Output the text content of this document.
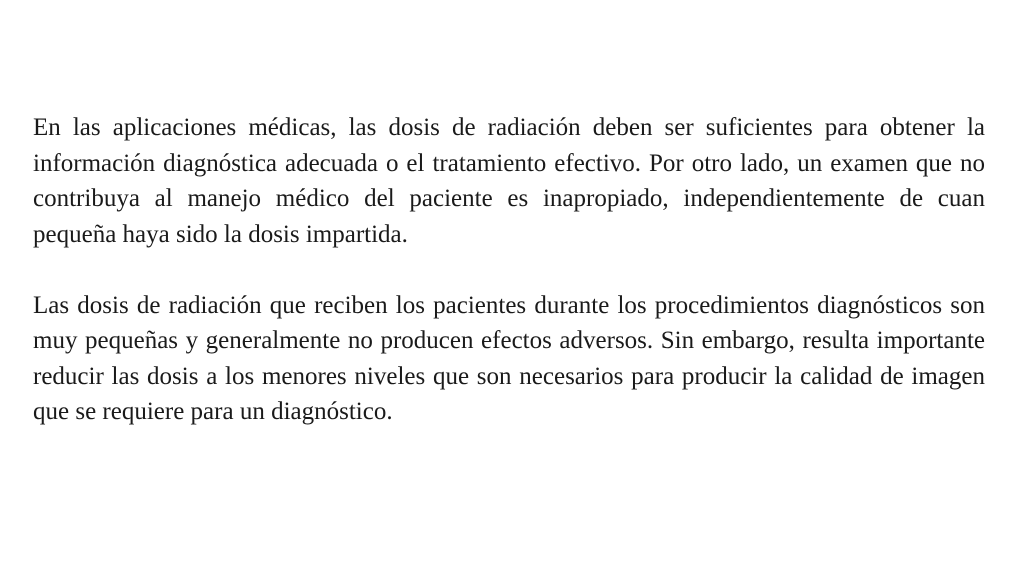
En las aplicaciones médicas, las dosis de radiación deben ser suficientes para obtener la información diagnóstica adecuada o el tratamiento efectivo. Por otro lado, un examen que no contribuya al manejo médico del paciente es inapropiado, independientemente de cuan pequeña haya sido la dosis impartida.

Las dosis de radiación que reciben los pacientes durante los procedimientos diagnósticos son muy pequeñas y generalmente no producen efectos adversos. Sin embargo, resulta importante reducir las dosis a los menores niveles que son necesarios para producir la calidad de imagen que se requiere para un diagnóstico.
